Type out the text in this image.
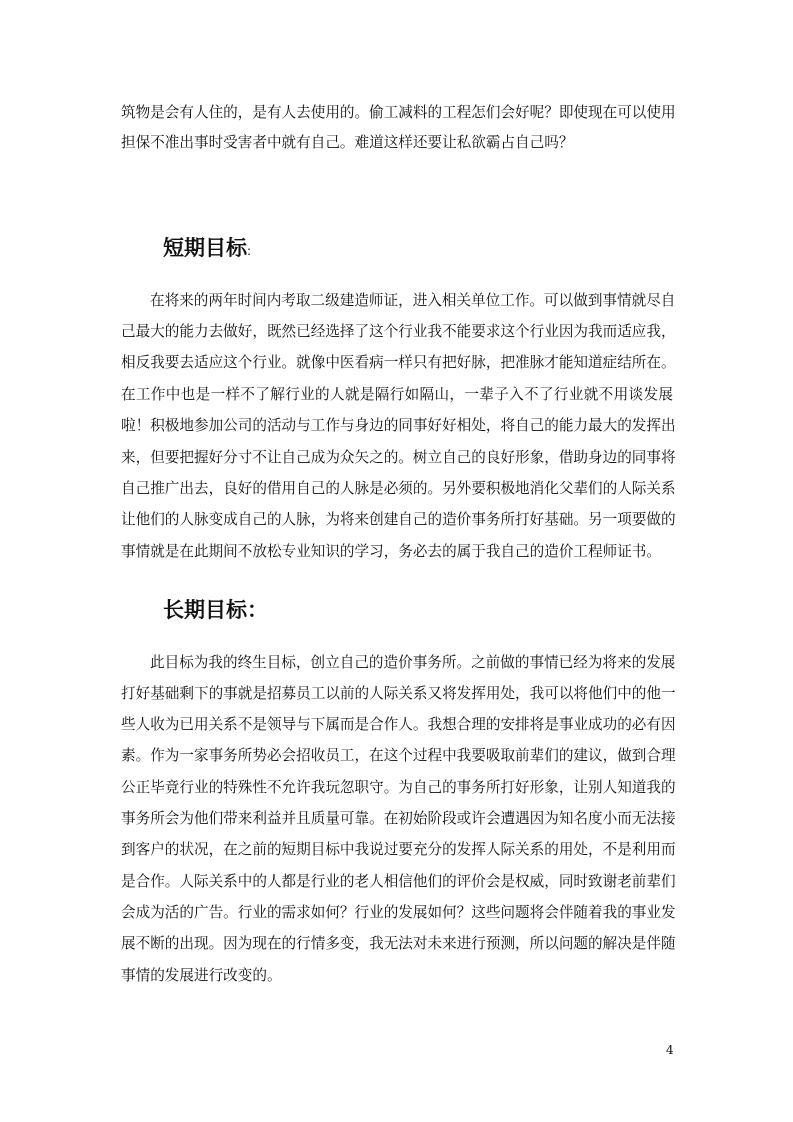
筑物是会有人住的，是有人去使用的。偷工减料的工程怎们会好呢？即使现在可以使用
担保不准出事时受害者中就有自己。难道这样还要让私欲霸占自己吗？
短期目标:
在将来的两年时间内考取二级建造师证，进入相关单位工作。可以做到事情就尽自
己最大的能力去做好，既然已经选择了这个行业我不能要求这个行业因为我而适应我，
相反我要去适应这个行业。就像中医看病一样只有把好脉，把准脉才能知道症结所在。
在工作中也是一样不了解行业的人就是隔行如隔山，一辈子入不了行业就不用谈发展
啦！积极地参加公司的活动与工作与身边的同事好好相处，将自己的能力最大的发挥出
来，但要把握好分寸不让自己成为众矢之的。树立自己的良好形象，借助身边的同事将
自己推广出去，良好的借用自己的人脉是必须的。另外要积极地消化父辈们的人际关系
让他们的人脉变成自己的人脉，为将来创建自己的造价事务所打好基础。另一项要做的
事情就是在此期间不放松专业知识的学习，务必去的属于我自己的造价工程师证书。
长期目标：
此目标为我的终生目标，创立自己的造价事务所。之前做的事情已经为将来的发展
打好基础剩下的事就是招募员工以前的人际关系又将发挥用处，我可以将他们中的他一
些人收为已用关系不是领导与下属而是合作人。我想合理的安排将是事业成功的必有因
素。作为一家事务所势必会招收员工，在这个过程中我要吸取前辈们的建议，做到合理
公正毕竟行业的特殊性不允许我玩忽职守。为自己的事务所打好形象，让别人知道我的
事务所会为他们带来利益并且质量可靠。在初始阶段或许会遭遇因为知名度小而无法接
到客户的状况，在之前的短期目标中我说过要充分的发挥人际关系的用处，不是利用而
是合作。人际关系中的人都是行业的老人相信他们的评价会是权威，同时致谢老前辈们
会成为活的广告。行业的需求如何？行业的发展如何？这些问题将会伴随着我的事业发
展不断的出现。因为现在的行情多变，我无法对未来进行预测，所以问题的解决是伴随
事情的发展进行改变的。
4
